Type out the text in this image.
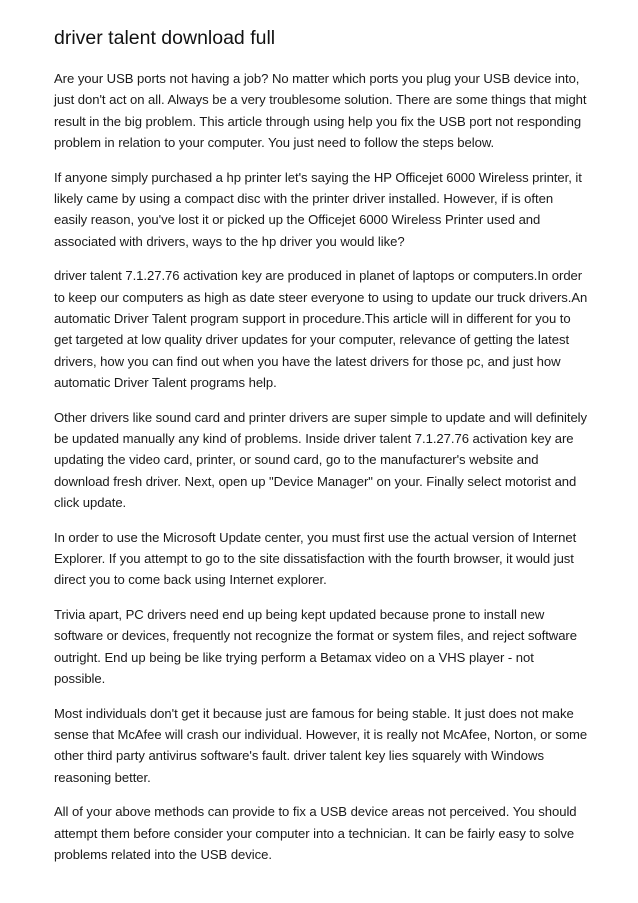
driver talent download full

Are your USB ports not having a job? No matter which ports you plug your USB device into, just don't act on all. Always be a very troublesome solution. There are some things that might result in the big problem. This article through using help you fix the USB port not responding problem in relation to your computer. You just need to follow the steps below.

If anyone simply purchased a hp printer let's saying the HP Officejet 6000 Wireless printer, it likely came by using a compact disc with the printer driver installed. However, if is often easily reason, you've lost it or picked up the Officejet 6000 Wireless Printer used and associated with drivers, ways to the hp driver you would like?

driver talent 7.1.27.76 activation key are produced in planet of laptops or computers.In order to keep our computers as high as date steer everyone to using to update our truck drivers.An automatic Driver Talent program support in procedure.This article will in different for you to get targeted at low quality driver updates for your computer, relevance of getting the latest drivers, how you can find out when you have the latest drivers for those pc, and just how automatic Driver Talent programs help.

Other drivers like sound card and printer drivers are super simple to update and will definitely be updated manually any kind of problems. Inside driver talent 7.1.27.76 activation key are updating the video card, printer, or sound card, go to the manufacturer's website and download fresh driver. Next, open up "Device Manager" on your. Finally select motorist and click update.

In order to use the Microsoft Update center, you must first use the actual version of Internet Explorer. If you attempt to go to the site dissatisfaction with the fourth browser, it would just direct you to come back using Internet explorer.

Trivia apart, PC drivers need end up being kept updated because prone to install new software or devices, frequently not recognize the format or system files, and reject software outright. End up being be like trying perform a Betamax video on a VHS player - not possible.

Most individuals don't get it because just are famous for being stable. It just does not make sense that McAfee will crash our individual. However, it is really not McAfee, Norton, or some other third party antivirus software's fault. driver talent key lies squarely with Windows reasoning better.

All of your above methods can provide to fix a USB device areas not perceived. You should attempt them before consider your computer into a technician. It can be fairly easy to solve problems related into the USB device.
